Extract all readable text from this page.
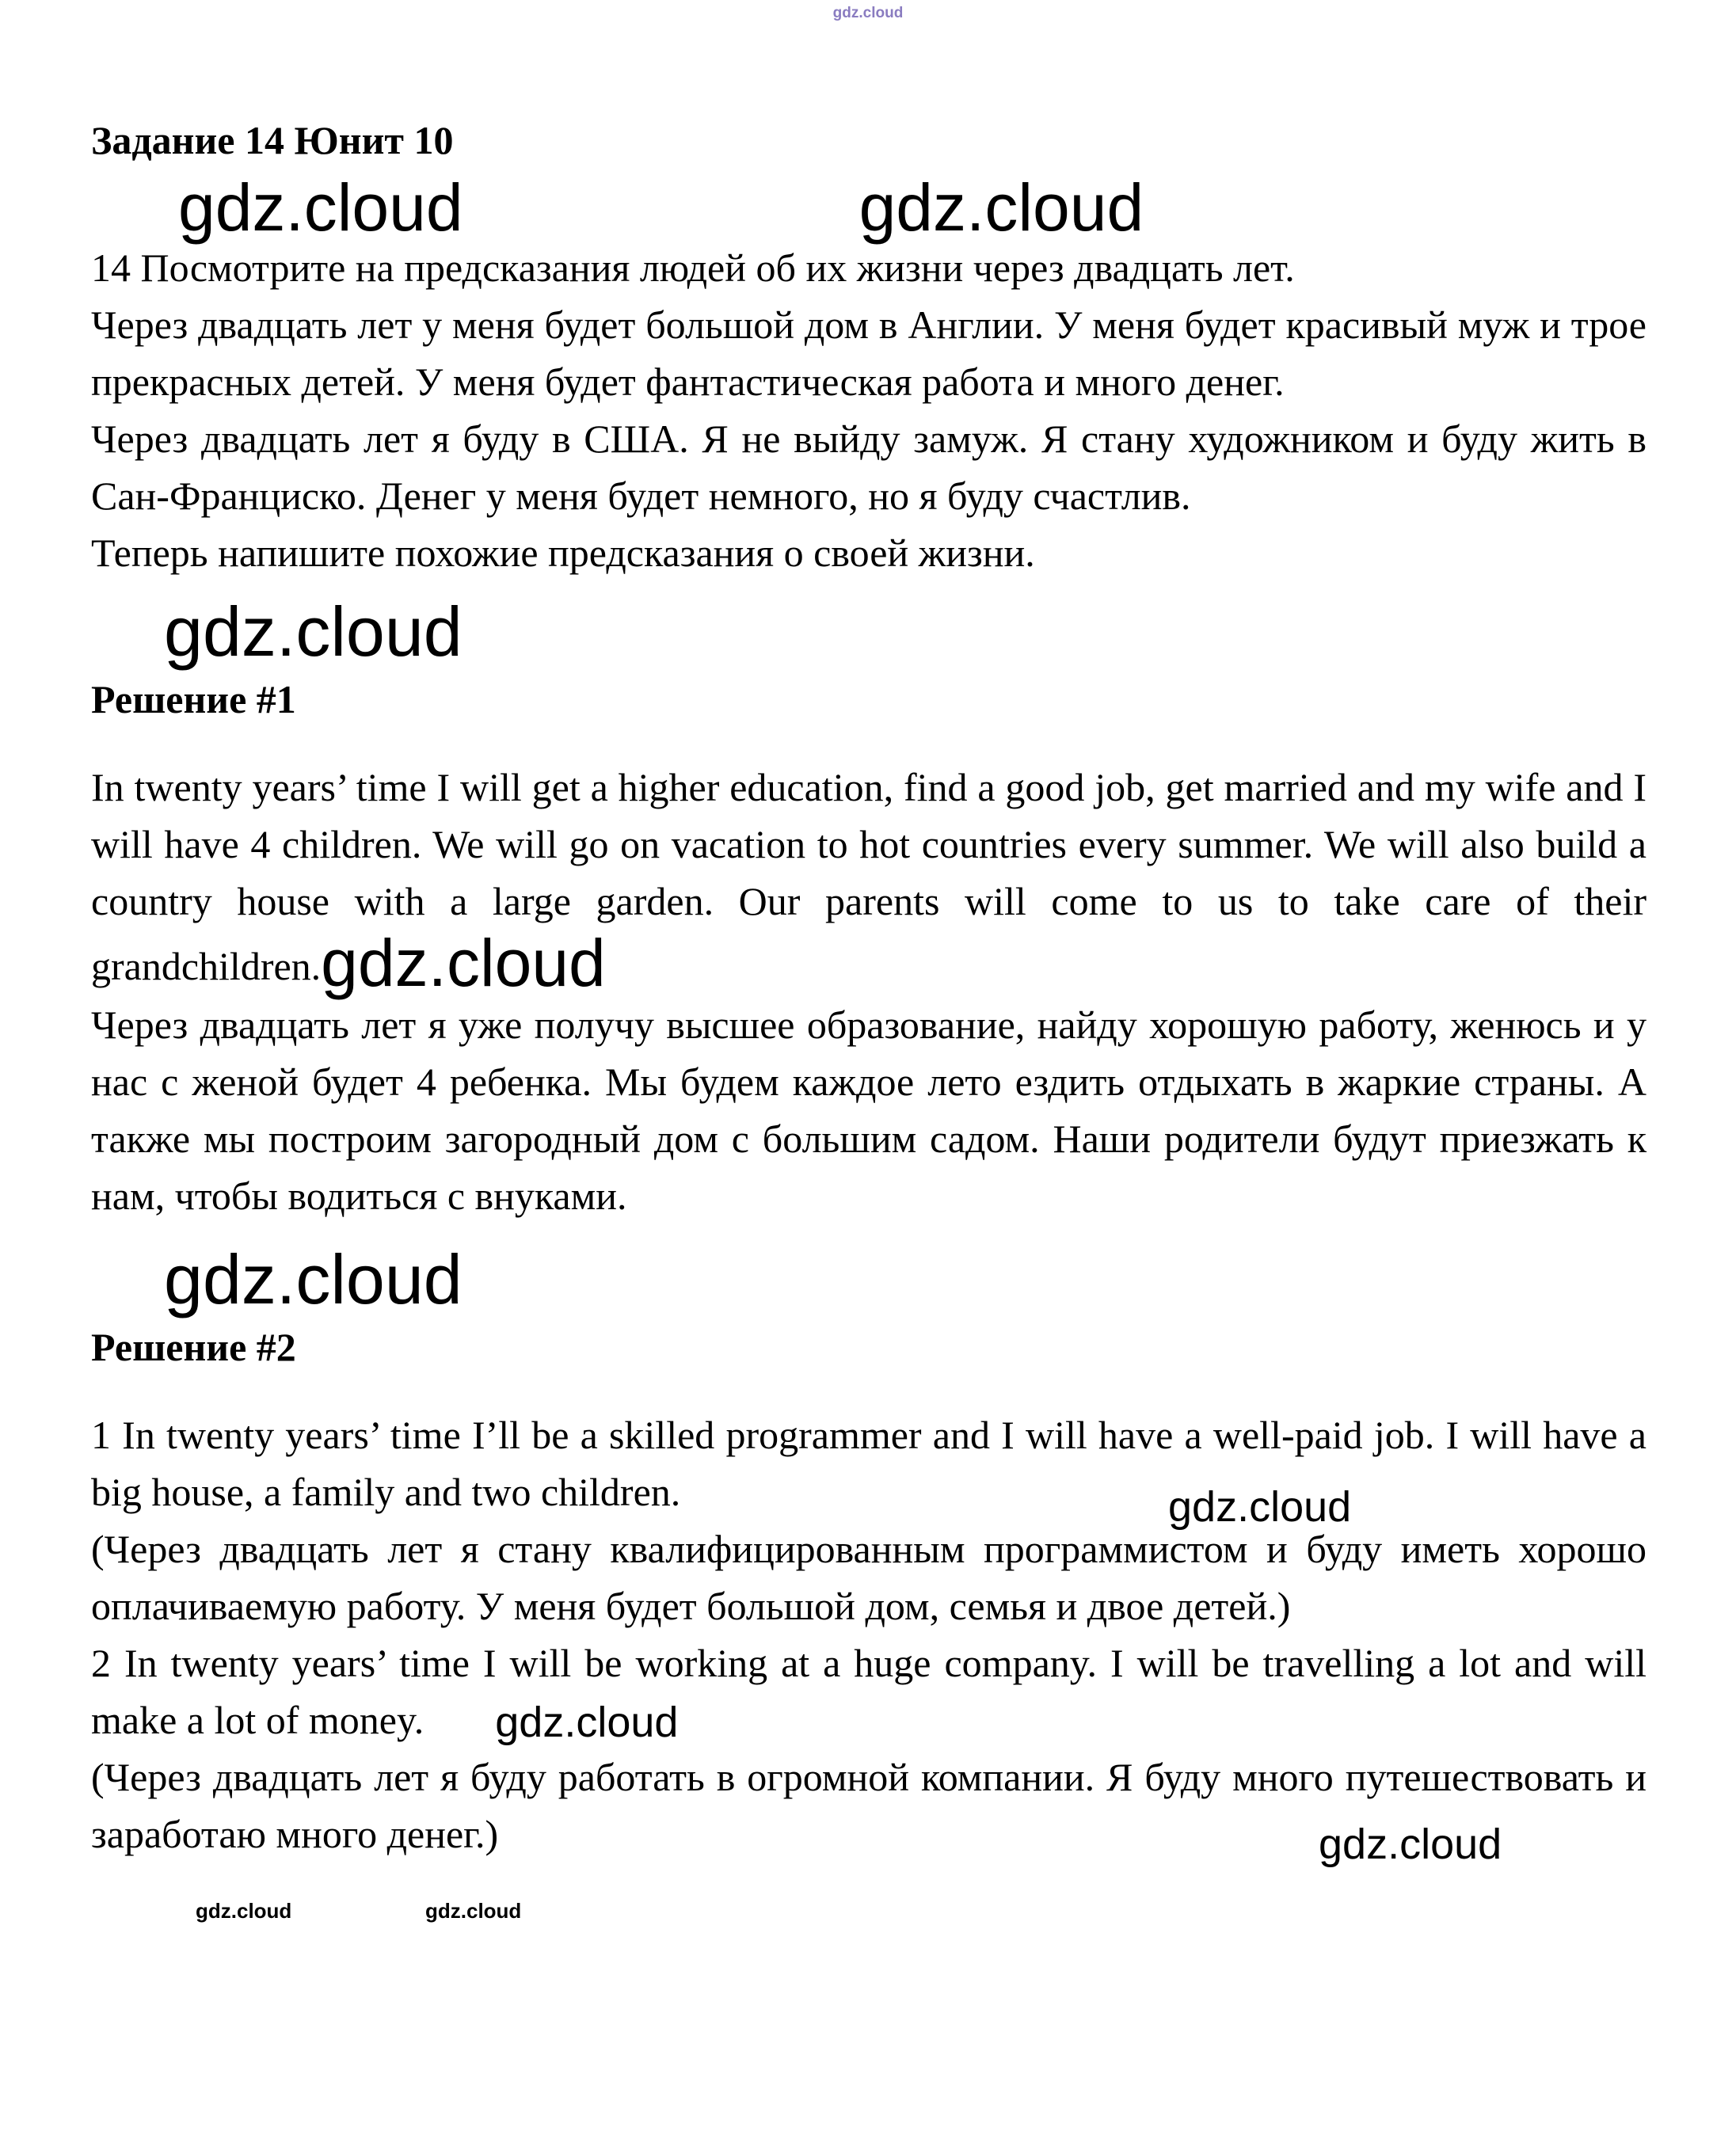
gdz.cloud
Задание 14 Юнит 10
gdz.cloud	gdz.cloud

14 Посмотрите на предсказания людей об их жизни через двадцать лет.

Через двадцать лет у меня будет большой дом в Англии. У меня будет красивый муж и трое прекрасных детей. У меня будет фантастическая работа и много денег.

Через двадцать лет я буду в США. Я не выйду замуж. Я стану художником и буду жить в Сан-Франциско. Денег у меня будет немного, но я буду счастлив.

Теперь напишите похожие предсказания о своей жизни.

gdz.cloud
Решение #1

In twenty years’ time I will get a higher education, find a good job, get married and my wife and I will have 4 children. We will go on vacation to hot countries every summer. We will also build a country house with a large garden. Our parents will come to us to take care of their grandchildren.gdz.cloud

Через двадцать лет я уже получу высшее образование, найду хорошую работу, женюсь и у нас с женой будет 4 ребенка. Мы будем каждое лето ездить отдыхать в жаркие страны. А также мы построим загородный дом с большим садом. Наши родители будут приезжать к нам, чтобы водиться с внуками.

gdz.cloud
Решение #2

1 In twenty years’ time I’ll be a skilled programmer and I will have a well-paid job. I will have a big house, a family and two children.

(Через двадцать лет я стану квалифицированным программистом и буду иметь хорошо оплачиваемую работу. У меня будет большой дом, семья и двое детей.)

2 In twenty years’ time I will be working at a huge company. I will be travelling a lot and will make a lot of money. gdz.cloud

(Через двадцать лет я буду работать в огромной компании. Я буду много путешествовать и заработаю много денег.)

gdz.cloud
gdz.cloud
gdz.cloud	gdz.cloud
